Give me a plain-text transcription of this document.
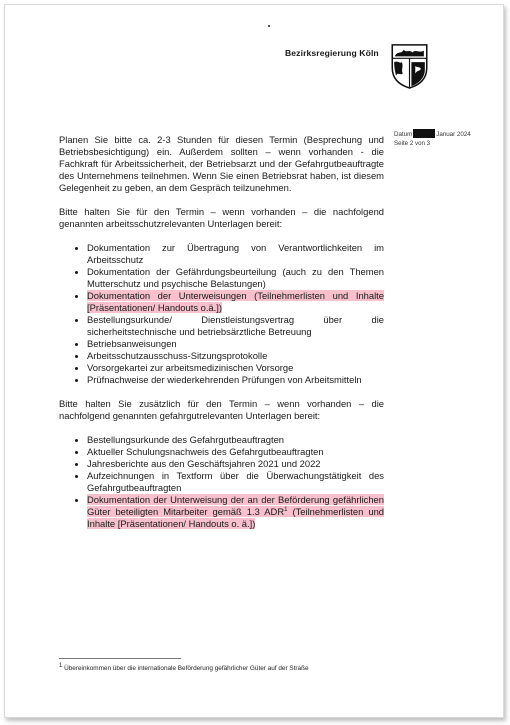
Bezirksregierung Köln
Datum	Januar 2024
Seite 2 von 3

Planen Sie bitte ca. 2-3 Stunden für diesen Termin (Besprechung und Betriebsbesichtigung) ein. Außerdem sollten – wenn vorhanden - die Fachkraft für Arbeitssicherheit, der Betriebsarzt und der Gefahrgutbeauftragte des Unternehmens teilnehmen. Wenn Sie einen Betriebsrat haben, ist diesem Gelegenheit zu geben, an dem Gespräch teilzunehmen.

Bitte halten Sie für den Termin – wenn vorhanden – die nachfolgend genannten arbeitsschutzrelevanten Unterlagen bereit:

Dokumentation zur Übertragung von Verantwortlichkeiten im Arbeitsschutz
Dokumentation der Gefährdungsbeurteilung (auch zu den Themen Mutterschutz und psychische Belastungen)
Dokumentation der Unterweisungen (Teilnehmerlisten und Inhalte [Präsentationen/ Handouts o.ä.])
Bestellungsurkunde/ Dienstleistungsvertrag über die sicherheitstechnische und betriebsärztliche Betreuung
Betriebsanweisungen
Arbeitsschutzausschuss-Sitzungsprotokolle
Vorsorgekartei zur arbeitsmedizinischen Vorsorge
Prüfnachweise der wiederkehrenden Prüfungen von Arbeitsmitteln

Bitte halten Sie zusätzlich für den Termin – wenn vorhanden – die nachfolgend genannten gefahrgutrelevanten Unterlagen bereit:

Bestellungsurkunde des Gefahrgutbeauftragten
Aktueller Schulungsnachweis des Gefahrgutbeauftragten
Jahresberichte aus den Geschäftsjahren 2021 und 2022
Aufzeichnungen in Textform über die Überwachungstätigkeit des Gefahrgutbeauftragten
Dokumentation der Unterweisung der an der Beförderung gefährlichen Güter beteiligten Mitarbeiter gemäß 1.3 ADR$^1$ (Teilnehmerlisten und Inhalte [Präsentationen/ Handouts o. ä.])
$^1$ Übereinkommen über die internationale Beförderung gefährlicher Güter auf der Straße
